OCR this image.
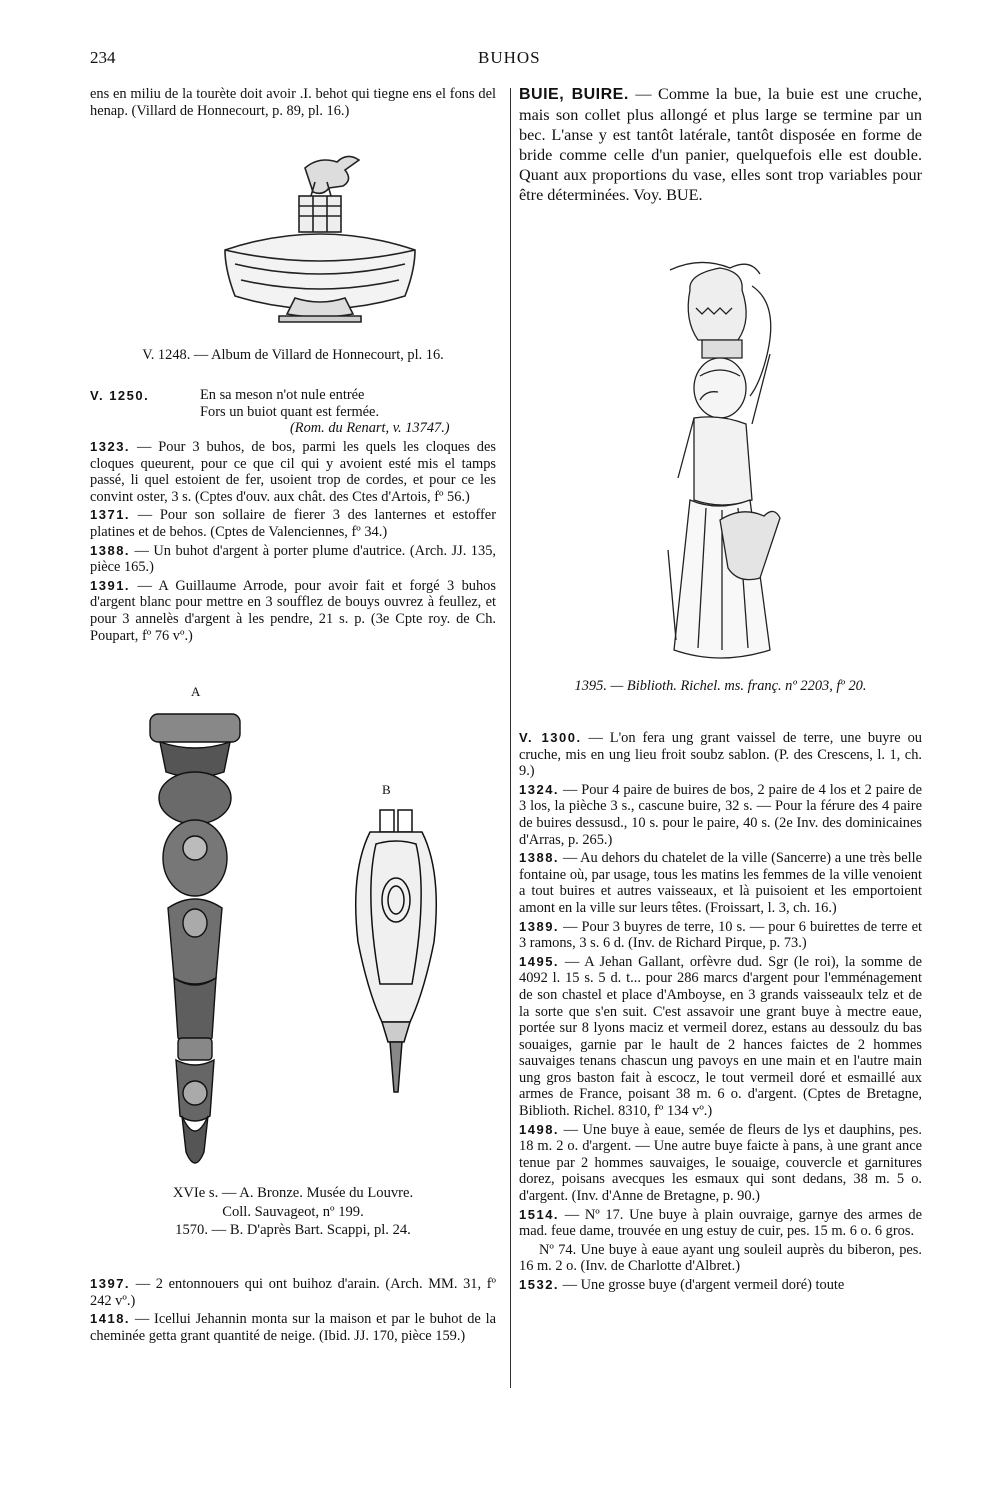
234	BUHOS

ens en miliu de la tourète doit avoir .I. behot qui tiegne ens el fons del henap. (Villard de Honnecourt, p. 89, pl. 16.)

V. 1248. — Album de Villard de Honnecourt, pl. 16.

V. 1250.	En sa meson n'ot nule entrée
Fors un buiot quant est fermée.
(Rom. du Renart, v. 13747.)

1323. — Pour 3 buhos, de bos, parmi les quels les cloques des cloques queurent, pour ce que cil qui y avoient esté mis el tamps passé, li quel estoient de fer, usoient trop de cordes, et pour ce les convint oster, 3 s. (Cptes d'ouv. aux chât. des Ctes d'Artois, fº 56.)

1371. — Pour son sollaire de fierer 3 des lanternes et estoffer platines et de behos. (Cptes de Valenciennes, fº 34.)

1388. — Un buhot d'argent à porter plume d'autrice. (Arch. JJ. 135, pièce 165.)

1391. — A Guillaume Arrode, pour avoir fait et forgé 3 buhos d'argent blanc pour mettre en 3 soufflez de bouys ouvrez à feullez, et pour 3 annelès d'argent à les pendre, 21 s. p. (3e Cpte roy. de Ch. Poupart, fº 76 vº.)

A
B

XVIe s. — A. Bronze. Musée du Louvre.

Coll. Sauvageot, nº 199.

1570. — B. D'après Bart. Scappi, pl. 24.

1397. — 2 entonnouers qui ont buihoz d'arain. (Arch. MM. 31, fº 242 vº.)

1418. — Icellui Jehannin monta sur la maison et par le buhot de la cheminée getta grant quantité de neige. (Ibid. JJ. 170, pièce 159.)

BUIE, BUIRE. — Comme la bue, la buie est une cruche, mais son collet plus allongé et plus large se termine par un bec. L'anse y est tantôt latérale, tantôt disposée en forme de bride comme celle d'un panier, quelquefois elle est double. Quant aux proportions du vase, elles sont trop variables pour être déterminées. Voy. BUE.

1395. — Biblioth. Richel. ms. franç. nº 2203, fº 20.

V. 1300. — L'on fera ung grant vaissel de terre, une buyre ou cruche, mis en ung lieu froit soubz sablon. (P. des Crescens, l. 1, ch. 9.)

1324. — Pour 4 paire de buires de bos, 2 paire de 4 los et 2 paire de 3 los, la pièche 3 s., cascune buire, 32 s. — Pour la férure des 4 paire de buires dessusd., 10 s. pour le paire, 40 s. (2e Inv. des dominicaines d'Arras, p. 265.)

1388. — Au dehors du chatelet de la ville (Sancerre) a une très belle fontaine où, par usage, tous les matins les femmes de la ville venoient a tout buires et autres vaisseaux, et là puisoient et les emportoient amont en la ville sur leurs têtes. (Froissart, l. 3, ch. 16.)

1389. — Pour 3 buyres de terre, 10 s. — pour 6 buirettes de terre et 3 ramons, 3 s. 6 d. (Inv. de Richard Pirque, p. 73.)

1495. — A Jehan Gallant, orfèvre dud. Sgr (le roi), la somme de 4092 l. 15 s. 5 d. t... pour 286 marcs d'argent pour l'emménagement de son chastel et place d'Amboyse, en 3 grands vaisseaulx telz et de la sorte que s'en suit. C'est assavoir une grant buye à mectre eaue, portée sur 8 lyons maciz et vermeil dorez, estans au dessoulz du bas souaiges, garnie par le hault de 2 hances faictes de 2 hommes sauvaiges tenans chascun ung pavoys en une main et en l'autre main ung gros baston fait à escocz, le tout vermeil doré et esmaillé aux armes de France, poisant 38 m. 6 o. d'argent. (Cptes de Bretagne, Biblioth. Richel. 8310, fº 134 vº.)

1498. — Une buye à eaue, semée de fleurs de lys et dauphins, pes. 18 m. 2 o. d'argent. — Une autre buye faicte à pans, à une grant ance tenue par 2 hommes sauvaiges, le souaige, couvercle et garnitures dorez, poisans avecques les esmaux qui sont dedans, 38 m. 5 o. d'argent. (Inv. d'Anne de Bretagne, p. 90.)

1514. — Nº 17. Une buye à plain ouvraige, garnye des armes de mad. feue dame, trouvée en ung estuy de cuir, pes. 15 m. 6 o. 6 gros.

Nº 74. Une buye à eaue ayant ung souleil auprès du biberon, pes. 16 m. 2 o. (Inv. de Charlotte d'Albret.)

1532. — Une grosse buye (d'argent vermeil doré) toute
